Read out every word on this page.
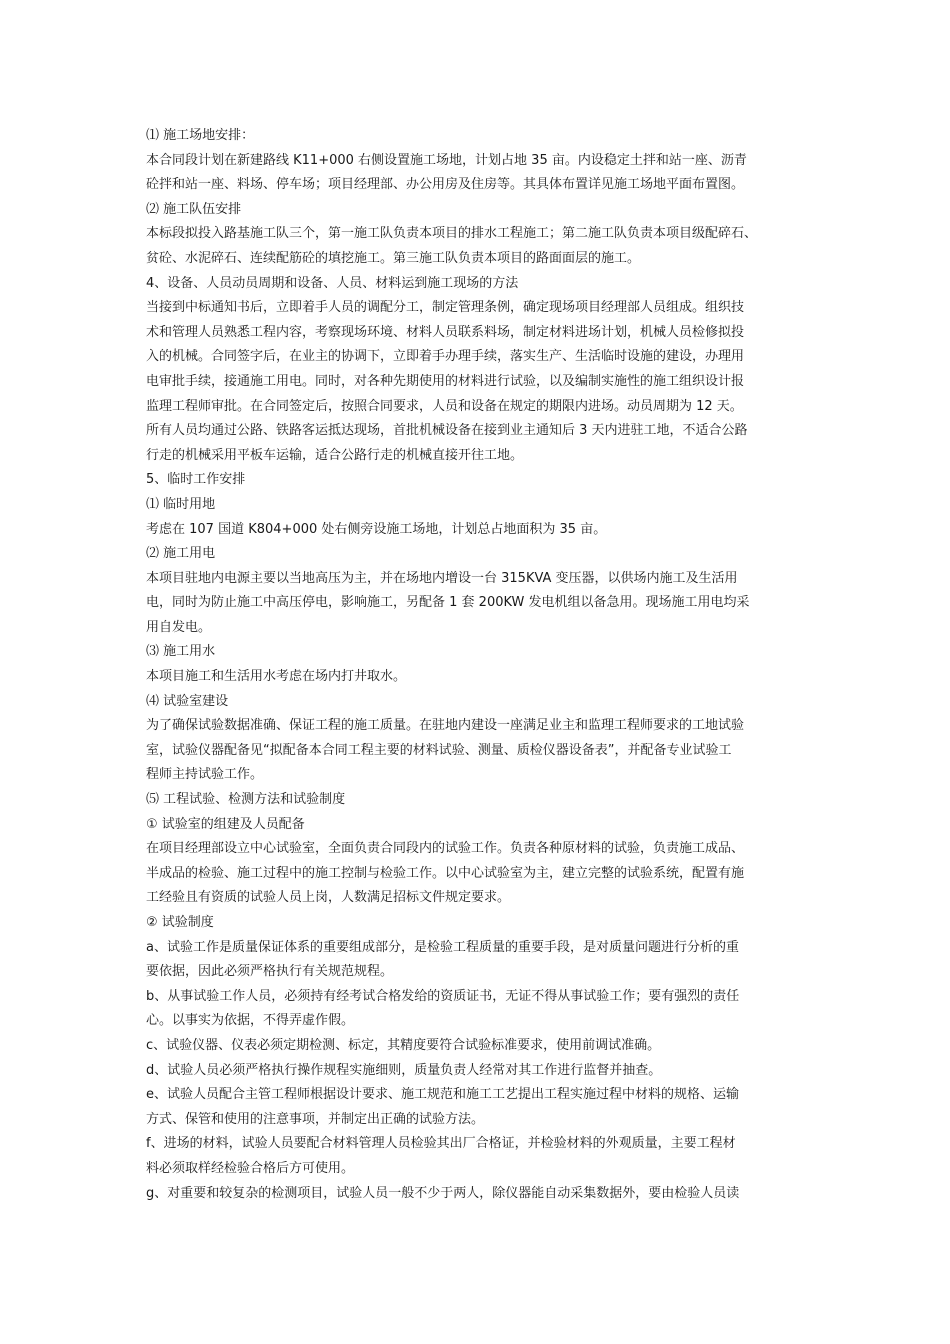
⑴ 施工场地安排：
本合同段计划在新建路线 K11+000 右侧设置施工场地，计划占地 35 亩。内设稳定土拌和站一座、沥青
砼拌和站一座、料场、停车场；项目经理部、办公用房及住房等。其具体布置详见施工场地平面布置图。
⑵ 施工队伍安排
本标段拟投入路基施工队三个，第一施工队负责本项目的排水工程施工；第二施工队负责本项目级配碎石、
贫砼、水泥碎石、连续配筋砼的填挖施工。第三施工队负责本项目的路面面层的施工。
4、设备、人员动员周期和设备、人员、材料运到施工现场的方法
当接到中标通知书后，立即着手人员的调配分工，制定管理条例，确定现场项目经理部人员组成。组织技
术和管理人员熟悉工程内容，考察现场环境、材料人员联系料场，制定材料进场计划，机械人员检修拟投
入的机械。合同签字后，在业主的协调下，立即着手办理手续，落实生产、生活临时设施的建设，办理用
电审批手续，接通施工用电。同时，对各种先期使用的材料进行试验，以及编制实施性的施工组织设计报
监理工程师审批。在合同签定后，按照合同要求，人员和设备在规定的期限内进场。动员周期为 12 天。
所有人员均通过公路、铁路客运抵达现场，首批机械设备在接到业主通知后 3 天内进驻工地，不适合公路
行走的机械采用平板车运输，适合公路行走的机械直接开往工地。
5、临时工作安排
⑴ 临时用地
考虑在 107 国道 K804+000 处右侧旁设施工场地，计划总占地面积为 35 亩。
⑵ 施工用电
本项目驻地内电源主要以当地高压为主，并在场地内增设一台 315KVA 变压器，以供场内施工及生活用
电，同时为防止施工中高压停电，影响施工，另配备 1 套 200KW 发电机组以备急用。现场施工用电均采
用自发电。
⑶ 施工用水
本项目施工和生活用水考虑在场内打井取水。
⑷ 试验室建设
为了确保试验数据准确、保证工程的施工质量。在驻地内建设一座满足业主和监理工程师要求的工地试验
室，试验仪器配备见“拟配备本合同工程主要的材料试验、测量、质检仪器设备表”，并配备专业试验工
程师主持试验工作。
⑸ 工程试验、检测方法和试验制度
① 试验室的组建及人员配备
在项目经理部设立中心试验室，全面负责合同段内的试验工作。负责各种原材料的试验，负责施工成品、
半成品的检验、施工过程中的施工控制与检验工作。以中心试验室为主，建立完整的试验系统，配置有施
工经验且有资质的试验人员上岗，人数满足招标文件规定要求。
② 试验制度
a、试验工作是质量保证体系的重要组成部分，是检验工程质量的重要手段，是对质量问题进行分析的重
要依据，因此必须严格执行有关规范规程。
b、从事试验工作人员，必须持有经考试合格发给的资质证书，无证不得从事试验工作；要有强烈的责任
心。以事实为依据，不得弄虚作假。
c、试验仪器、仪表必须定期检测、标定，其精度要符合试验标准要求，使用前调试准确。
d、试验人员必须严格执行操作规程实施细则，质量负责人经常对其工作进行监督并抽查。
e、试验人员配合主管工程师根据设计要求、施工规范和施工工艺提出工程实施过程中材料的规格、运输
方式、保管和使用的注意事项，并制定出正确的试验方法。
f、进场的材料，试验人员要配合材料管理人员检验其出厂合格证，并检验材料的外观质量，主要工程材
料必须取样经检验合格后方可使用。
g、对重要和较复杂的检测项目，试验人员一般不少于两人，除仪器能自动采集数据外，要由检验人员读
